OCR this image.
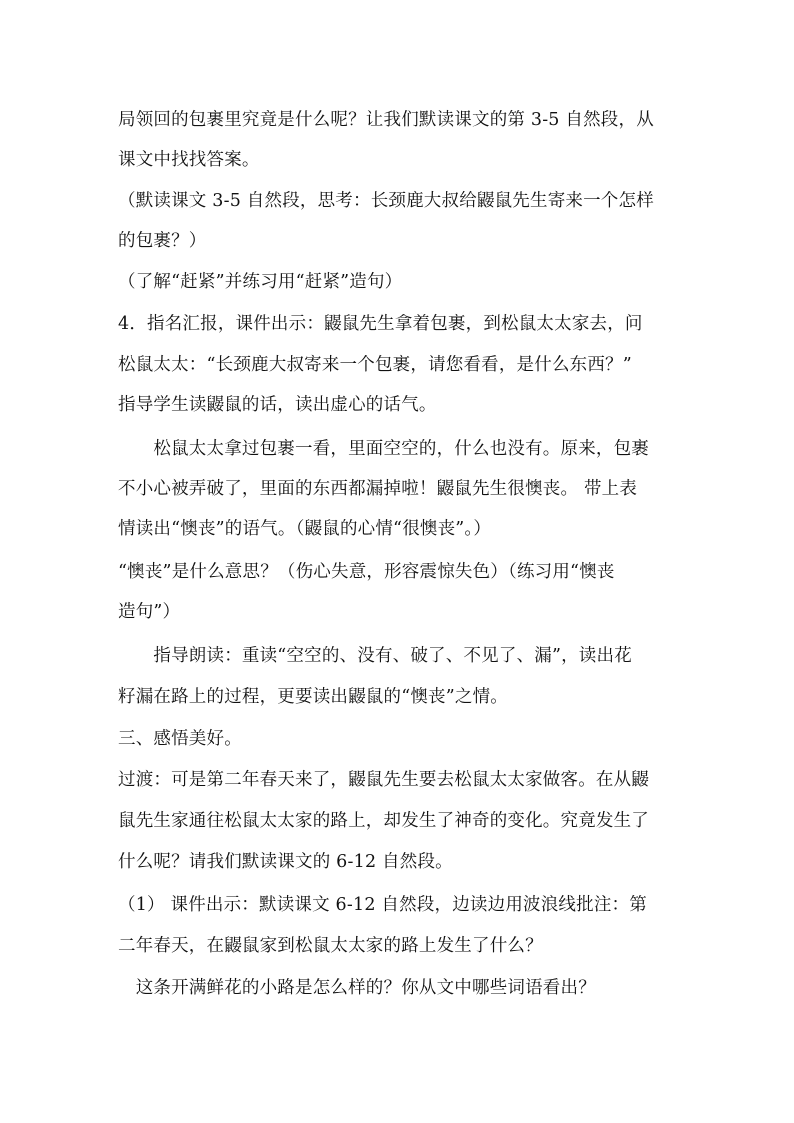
局领回的包裹里究竟是什么呢？让我们默读课文的第 3-5 自然段，从
课文中找找答案。
（默读课文 3-5 自然段，思考：长颈鹿大叔给鼹鼠先生寄来一个怎样
的包裹？）
（了解“赶紧”并练习用“赶紧”造句）
4．指名汇报，课件出示：鼹鼠先生拿着包裹，到松鼠太太家去，问
松鼠太太：“长颈鹿大叔寄来一个包裹，请您看看，是什么东西？”
指导学生读鼹鼠的话，读出虚心的话气。
　　松鼠太太拿过包裹一看，里面空空的，什么也没有。原来，包裹
不小心被弄破了，里面的东西都漏掉啦！鼹鼠先生很懊丧。 带上表
情读出“懊丧”的语气。（鼹鼠的心情“很懊丧”。）
“懊丧”是什么意思？（伤心失意，形容震惊失色）（练习用“懊丧
造句”）
　　指导朗读：重读“空空的、没有、破了、不见了、漏”，读出花
籽漏在路上的过程，更要读出鼹鼠的“懊丧”之情。
三、感悟美好。
过渡：可是第二年春天来了，鼹鼠先生要去松鼠太太家做客。在从鼹
鼠先生家通往松鼠太太家的路上，却发生了神奇的变化。究竟发生了
什么呢？请我们默读课文的 6-12 自然段。
（1） 课件出示：默读课文 6-12 自然段，边读边用波浪线批注：第
二年春天，在鼹鼠家到松鼠太太家的路上发生了什么？
　这条开满鲜花的小路是怎么样的？你从文中哪些词语看出？
